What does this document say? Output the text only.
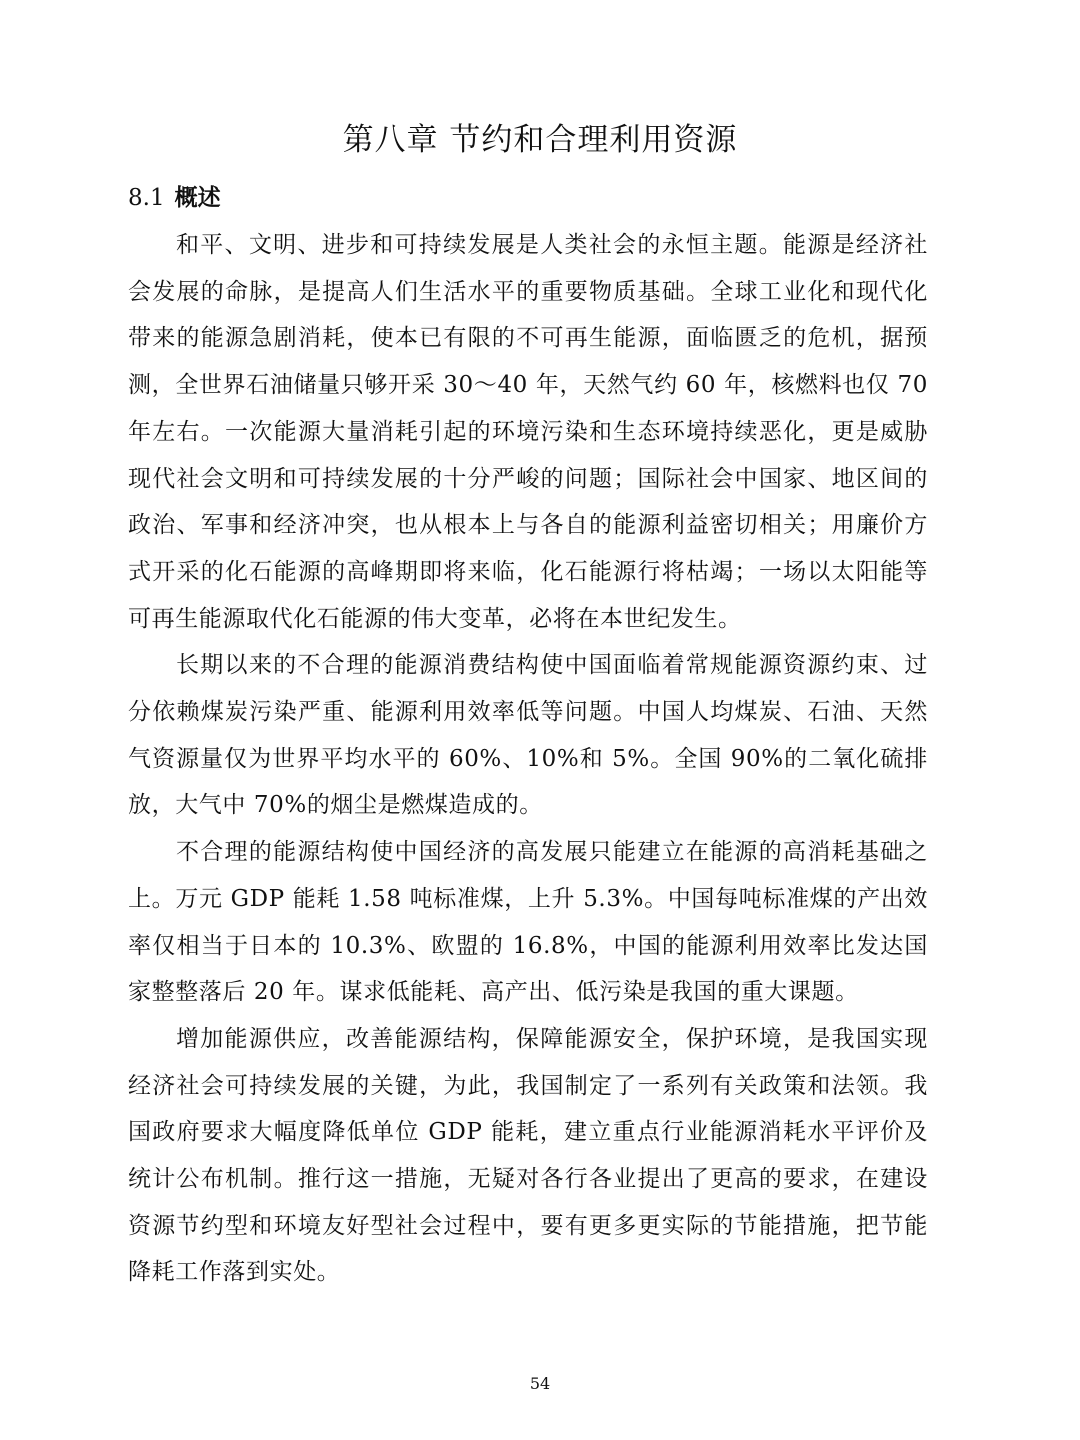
第八章 节约和合理利用资源
8.1 概述

和平、文明、进步和可持续发展是人类社会的永恒主题。能源是经济社会发展的命脉，是提高人们生活水平的重要物质基础。全球工业化和现代化带来的能源急剧消耗，使本已有限的不可再生能源，面临匮乏的危机，据预测，全世界石油储量只够开采 30～40 年，天然气约 60 年，核燃料也仅 70 年左右。一次能源大量消耗引起的环境污染和生态环境持续恶化，更是威胁现代社会文明和可持续发展的十分严峻的问题；国际社会中国家、地区间的政治、军事和经济冲突，也从根本上与各自的能源利益密切相关；用廉价方式开采的化石能源的高峰期即将来临，化石能源行将枯竭；一场以太阳能等可再生能源取代化石能源的伟大变革，必将在本世纪发生。

长期以来的不合理的能源消费结构使中国面临着常规能源资源约束、过分依赖煤炭污染严重、能源利用效率低等问题。中国人均煤炭、石油、天然气资源量仅为世界平均水平的 60%、10%和 5%。全国 90%的二氧化硫排放，大气中 70%的烟尘是燃煤造成的。

不合理的能源结构使中国经济的高发展只能建立在能源的高消耗基础之上。万元 GDP 能耗 1.58 吨标准煤，上升 5.3%。中国每吨标准煤的产出效率仅相当于日本的 10.3%、欧盟的 16.8%，中国的能源利用效率比发达国家整整落后 20 年。谋求低能耗、高产出、低污染是我国的重大课题。

增加能源供应，改善能源结构，保障能源安全，保护环境，是我国实现经济社会可持续发展的关键，为此，我国制定了一系列有关政策和法领。我国政府要求大幅度降低单位 GDP 能耗，建立重点行业能源消耗水平评价及统计公布机制。推行这一措施，无疑对各行各业提出了更高的要求，在建设资源节约型和环境友好型社会过程中，要有更多更实际的节能措施，把节能降耗工作落到实处。

54
